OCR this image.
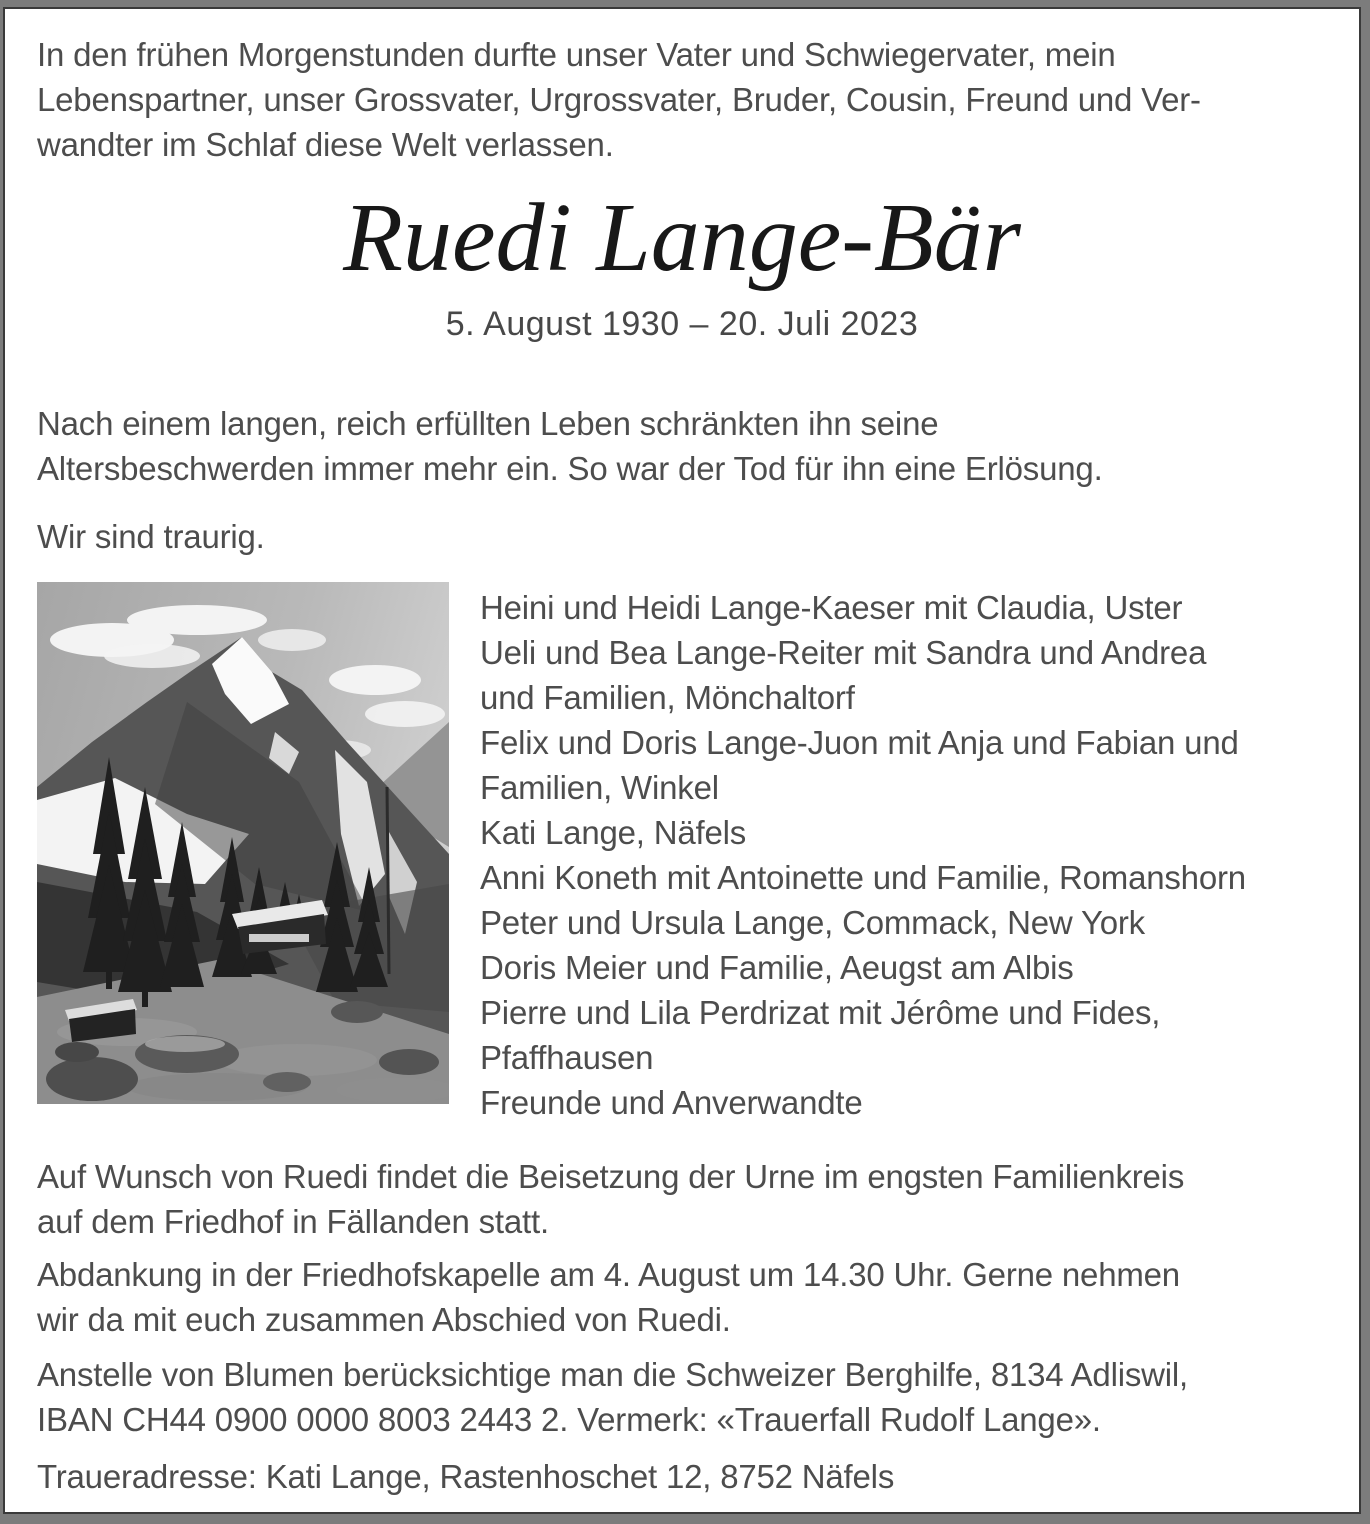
In den frühen Morgenstunden durfte unser Vater und Schwiegervater, mein
Lebenspartner, unser Grossvater, Urgrossvater, Bruder, Cousin, Freund und Ver-
wandter im Schlaf diese Welt verlassen.
Ruedi Lange-Bär
5. August 1930 – 20. Juli 2023
Nach einem langen, reich erfüllten Leben schränkten ihn seine
Altersbeschwerden immer mehr ein. So war der Tod für ihn eine Erlösung.
Wir sind traurig.
Heini und Heidi Lange-Kaeser mit Claudia, Uster
Ueli und Bea Lange-Reiter mit Sandra und Andrea
und Familien, Mönchaltorf
Felix und Doris Lange-Juon mit Anja und Fabian und
Familien, Winkel
Kati Lange, Näfels
Anni Koneth mit Antoinette und Familie, Romanshorn
Peter und Ursula Lange, Commack, New York
Doris Meier und Familie, Aeugst am Albis
Pierre und Lila Perdrizat mit Jérôme und Fides,
Pfaffhausen
Freunde und Anverwandte
Auf Wunsch von Ruedi findet die Beisetzung der Urne im engsten Familienkreis
auf dem Friedhof in Fällanden statt.
Abdankung in der Friedhofskapelle am 4. August um 14.30 Uhr. Gerne nehmen
wir da mit euch zusammen Abschied von Ruedi.
Anstelle von Blumen berücksichtige man die Schweizer Berghilfe, 8134 Adliswil,
IBAN CH44 0900 0000 8003 2443 2. Vermerk: «Trauerfall Rudolf Lange».
Traueradresse: Kati Lange, Rastenhoschet 12, 8752 Näfels
